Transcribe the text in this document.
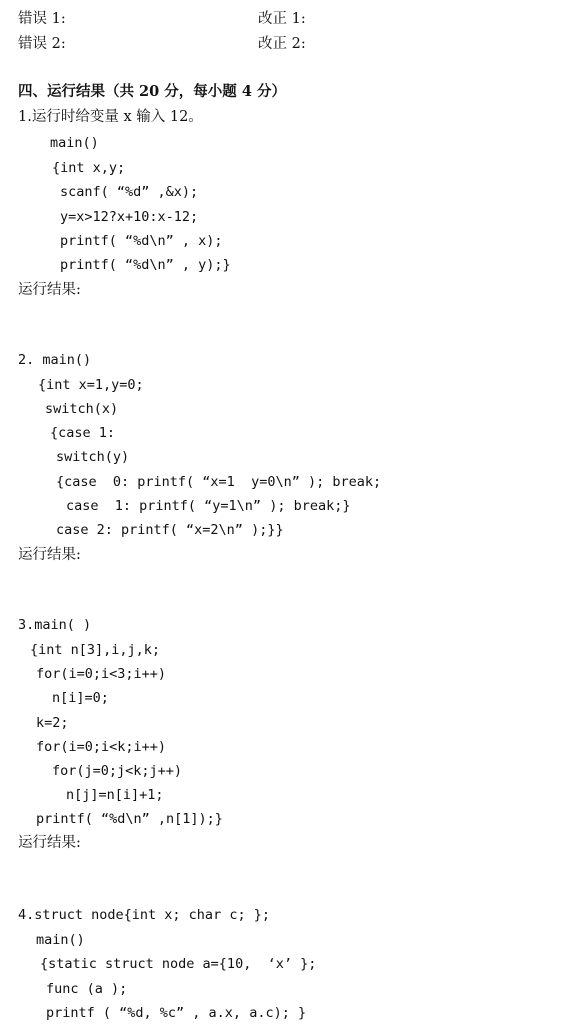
错误 1:	改正 1:
错误 2:	改正 2:
四、运行结果（共 20 分，每小题 4 分）
1.运行时给变量 x 输入 12。
main()
{int x,y;
scanf( “%d” ,&x);
y=x>12?x+10:x-12;
printf( “%d\n” , x);
printf( “%d\n” , y);}
运行结果:
2. main()
{int x=1,y=0;
switch(x)
{case 1:
switch(y)
{case  0: printf( “x=1  y=0\n” ); break;
case  1: printf( “y=1\n” ); break;}
case 2: printf( “x=2\n” );}}
运行结果:
3.main( )
{int n[3],i,j,k;
for(i=0;i<3;i++)
n[i]=0;
k=2;
for(i=0;i<k;i++)
for(j=0;j<k;j++)
n[j]=n[i]+1;
printf( “%d\n” ,n[1]);}
运行结果:
4.struct node{int x; char c; };
main()
{static struct node a={10,  ‘x’ };
func (a );
printf ( “%d, %c” , a.x, a.c); }
